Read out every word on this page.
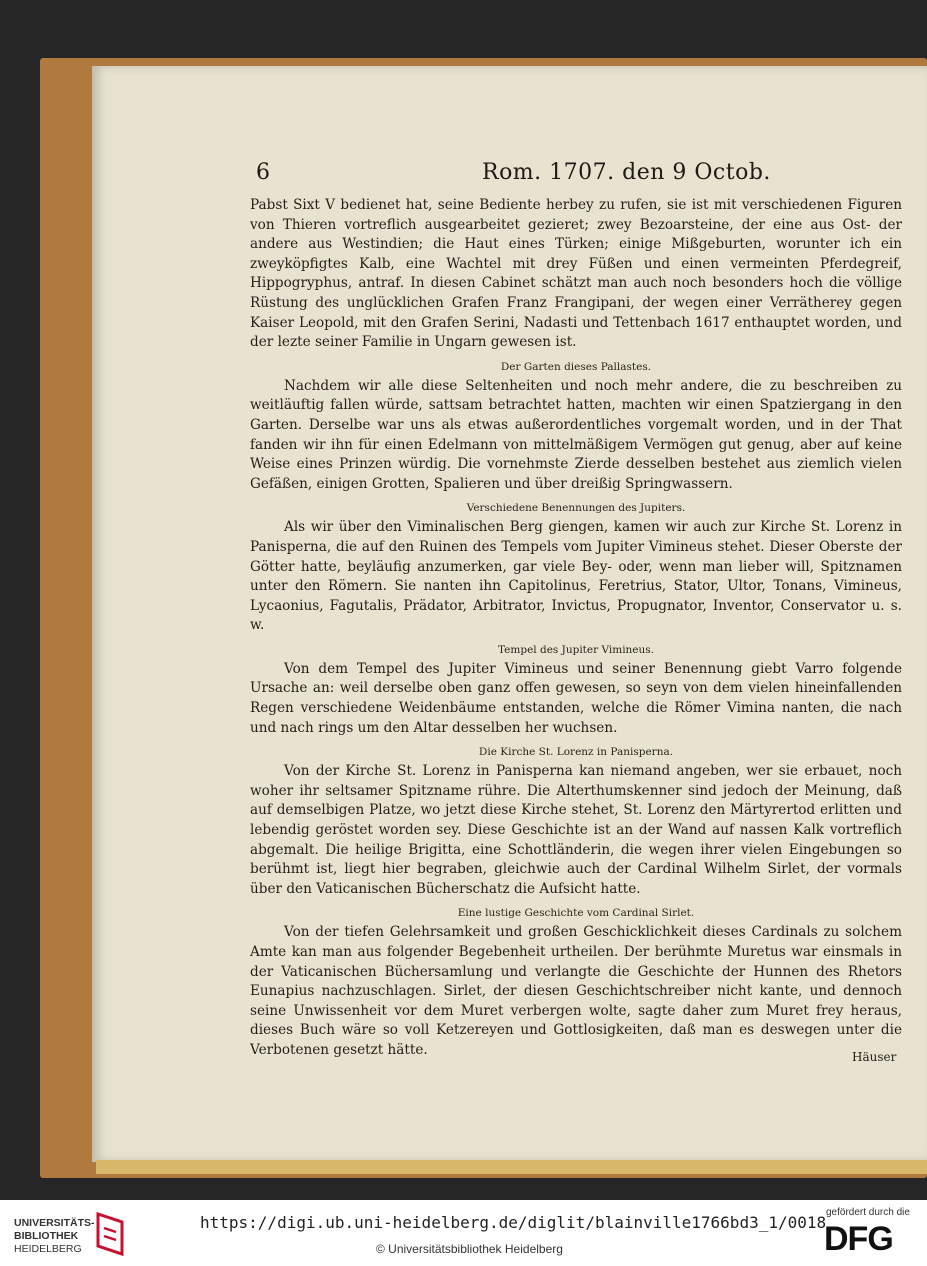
6	Rom. 1707. den 9 Octob.

Pabst Sixt V bedienet hat, seine Bediente herbey zu rufen, sie ist mit verschiedenen Figuren von Thieren vortreflich ausgearbeitet gezieret; zwey Bezoarsteine, der eine aus Ost- der andere aus Westindien; die Haut eines Türken; einige Mißgeburten, worunter ich ein zweyköpfigtes Kalb, eine Wachtel mit drey Füßen und einen vermeinten Pferdegreif, Hippogryphus, antraf. In diesen Cabinet schätzt man auch noch besonders hoch die völlige Rüstung des unglücklichen Grafen Franz Frangipani, der wegen einer Verrätherey gegen Kaiser Leopold, mit den Grafen Serini, Nadasti und Tettenbach 1617 enthauptet worden, und der lezte seiner Familie in Ungarn gewesen ist.

Der Garten dieses Pallastes.

Nachdem wir alle diese Seltenheiten und noch mehr andere, die zu beschreiben zu weitläuftig fallen würde, sattsam betrachtet hatten, machten wir einen Spatziergang in den Garten. Derselbe war uns als etwas außerordentliches vorgemalt worden, und in der That fanden wir ihn für einen Edelmann von mittelmäßigem Vermögen gut genug, aber auf keine Weise eines Prinzen würdig. Die vornehmste Zierde desselben bestehet aus ziemlich vielen Gefäßen, einigen Grotten, Spalieren und über dreißig Springwassern.

Verschiedene Benennungen des Jupiters.

Als wir über den Viminalischen Berg giengen, kamen wir auch zur Kirche St. Lorenz in Panisperna, die auf den Ruinen des Tempels vom Jupiter Vimineus stehet. Dieser Oberste der Götter hatte, beyläufig anzumerken, gar viele Bey- oder, wenn man lieber will, Spitznamen unter den Römern. Sie nanten ihn Capitolinus, Feretrius, Stator, Ultor, Tonans, Vimineus, Lycaonius, Fagutalis, Prädator, Arbitrator, Invictus, Propugnator, Inventor, Conservator u. s. w.

Tempel des Jupiter Vimineus.

Von dem Tempel des Jupiter Vimineus und seiner Benennung giebt Varro folgende Ursache an: weil derselbe oben ganz offen gewesen, so seyn von dem vielen hineinfallenden Regen verschiedene Weidenbäume entstanden, welche die Römer Vimina nanten, die nach und nach rings um den Altar desselben her wuchsen.

Die Kirche St. Lorenz in Panisperna.

Von der Kirche St. Lorenz in Panisperna kan niemand angeben, wer sie erbauet, noch woher ihr seltsamer Spitzname rühre. Die Alterthumskenner sind jedoch der Meinung, daß auf demselbigen Platze, wo jetzt diese Kirche stehet, St. Lorenz den Märtyrertod erlitten und lebendig geröstet worden sey. Diese Geschichte ist an der Wand auf nassen Kalk vortreflich abgemalt. Die heilige Brigitta, eine Schottländerin, die wegen ihrer vielen Eingebungen so berühmt ist, liegt hier begraben, gleichwie auch der Cardinal Wilhelm Sirlet, der vormals über den Vaticanischen Bücherschatz die Aufsicht hatte.

Eine lustige Geschichte vom Cardinal Sirlet.

Von der tiefen Gelehrsamkeit und großen Geschicklichkeit dieses Cardinals zu solchem Amte kan man aus folgender Begebenheit urtheilen. Der berühmte Muretus war einsmals in der Vaticanischen Büchersamlung und verlangte die Geschichte der Hunnen des Rhetors Eunapius nachzuschlagen. Sirlet, der diesen Geschichtschreiber nicht kante, und dennoch seine Unwissenheit vor dem Muret verbergen wolte, sagte daher zum Muret frey heraus, dieses Buch wäre so voll Ketzereyen und Gottlosigkeiten, daß man es deswegen unter die Verbotenen gesetzt hätte.	Häuser
UNIVERSITÄTS-
BIBLIOTHEK
HEIDELBERG
https://digi.ub.uni-heidelberg.de/diglit/blainville1766bd3_1/0018
© Universitätsbibliothek Heidelberg
gefördert durch die
DFG
